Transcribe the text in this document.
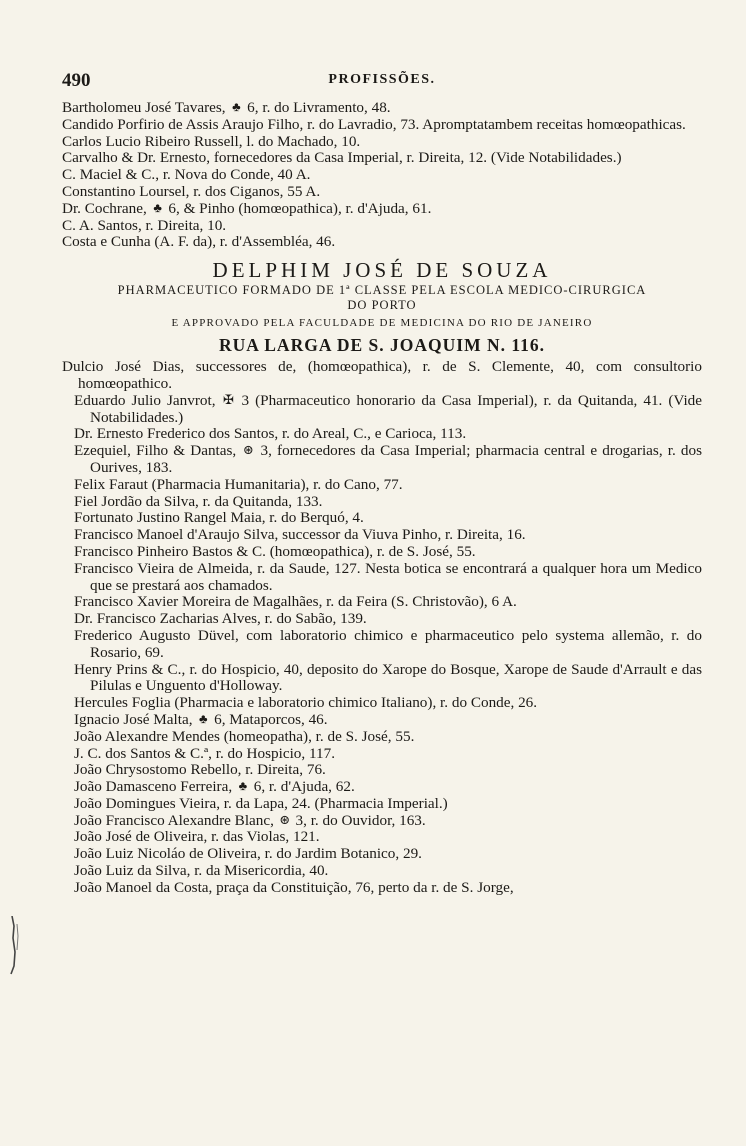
490	PROFISSÕES.
Bartholomeu José Tavares, ♣ 6, r. do Livramento, 48.
Candido Porfirio de Assis Araujo Filho, r. do Lavradio, 73. Apromptatambem receitas homœopathicas.
Carlos Lucio Ribeiro Russell, l. do Machado, 10.
Carvalho & Dr. Ernesto, fornecedores da Casa Imperial, r. Direita, 12. (Vide Notabilidades.)
C. Maciel & C., r. Nova do Conde, 40 A.
Constantino Loursel, r. dos Ciganos, 55 A.
Dr. Cochrane, ♣ 6, & Pinho (homœopathica), r. d'Ajuda, 61.
C. A. Santos, r. Direita, 10.
Costa e Cunha (A. F. da), r. d'Assembléa, 46.
DELPHIM JOSÉ DE SOUZA
PHARMACEUTICO FORMADO DE 1ª CLASSE PELA ESCOLA MEDICO-CIRURGICA
DO PORTO
E APPROVADO PELA FACULDADE DE MEDICINA DO RIO DE JANEIRO
RUA LARGA DE S. JOAQUIM N. 116.
Dulcio José Dias, successores de, (homœopathica), r. de S. Clemente, 40, com consultorio homœopathico.
Eduardo Julio Janvrot, ✠ 3 (Pharmaceutico honorario da Casa Imperial), r. da Quitanda, 41. (Vide Notabilidades.)
Dr. Ernesto Frederico dos Santos, r. do Areal, C., e Carioca, 113.
Ezequiel, Filho & Dantas, ⊛ 3, fornecedores da Casa Imperial; pharmacia central e drogarias, r. dos Ourives, 183.
Felix Faraut (Pharmacia Humanitaria), r. do Cano, 77.
Fiel Jordão da Silva, r. da Quitanda, 133.
Fortunato Justino Rangel Maia, r. do Berquó, 4.
Francisco Manoel d'Araujo Silva, successor da Viuva Pinho, r. Direita, 16.
Francisco Pinheiro Bastos & C. (homœopathica), r. de S. José, 55.
Francisco Vieira de Almeida, r. da Saude, 127. Nesta botica se encontrará a qualquer hora um Medico que se prestará aos chamados.
Francisco Xavier Moreira de Magalhães, r. da Feira (S. Christovão), 6 A.
Dr. Francisco Zacharias Alves, r. do Sabão, 139.
Frederico Augusto Düvel, com laboratorio chimico e pharmaceutico pelo systema allemão, r. do Rosario, 69.
Henry Prins & C., r. do Hospicio, 40, deposito do Xarope do Bosque, Xarope de Saude d'Arrault e das Pilulas e Unguento d'Holloway.
Hercules Foglia (Pharmacia e laboratorio chimico Italiano), r. do Conde, 26.
Ignacio José Malta, ♣ 6, Mataporcos, 46.
João Alexandre Mendes (homeopatha), r. de S. José, 55.
J. C. dos Santos & C.ª, r. do Hospicio, 117.
João Chrysostomo Rebello, r. Direita, 76.
João Damasceno Ferreira, ♣ 6, r. d'Ajuda, 62.
João Domingues Vieira, r. da Lapa, 24. (Pharmacia Imperial.)
João Francisco Alexandre Blanc, ⊛ 3, r. do Ouvidor, 163.
João José de Oliveira, r. das Violas, 121.
João Luiz Nicoláo de Oliveira, r. do Jardim Botanico, 29.
João Luiz da Silva, r. da Misericordia, 40.
João Manoel da Costa, praça da Constituição, 76, perto da r. de S. Jorge,
